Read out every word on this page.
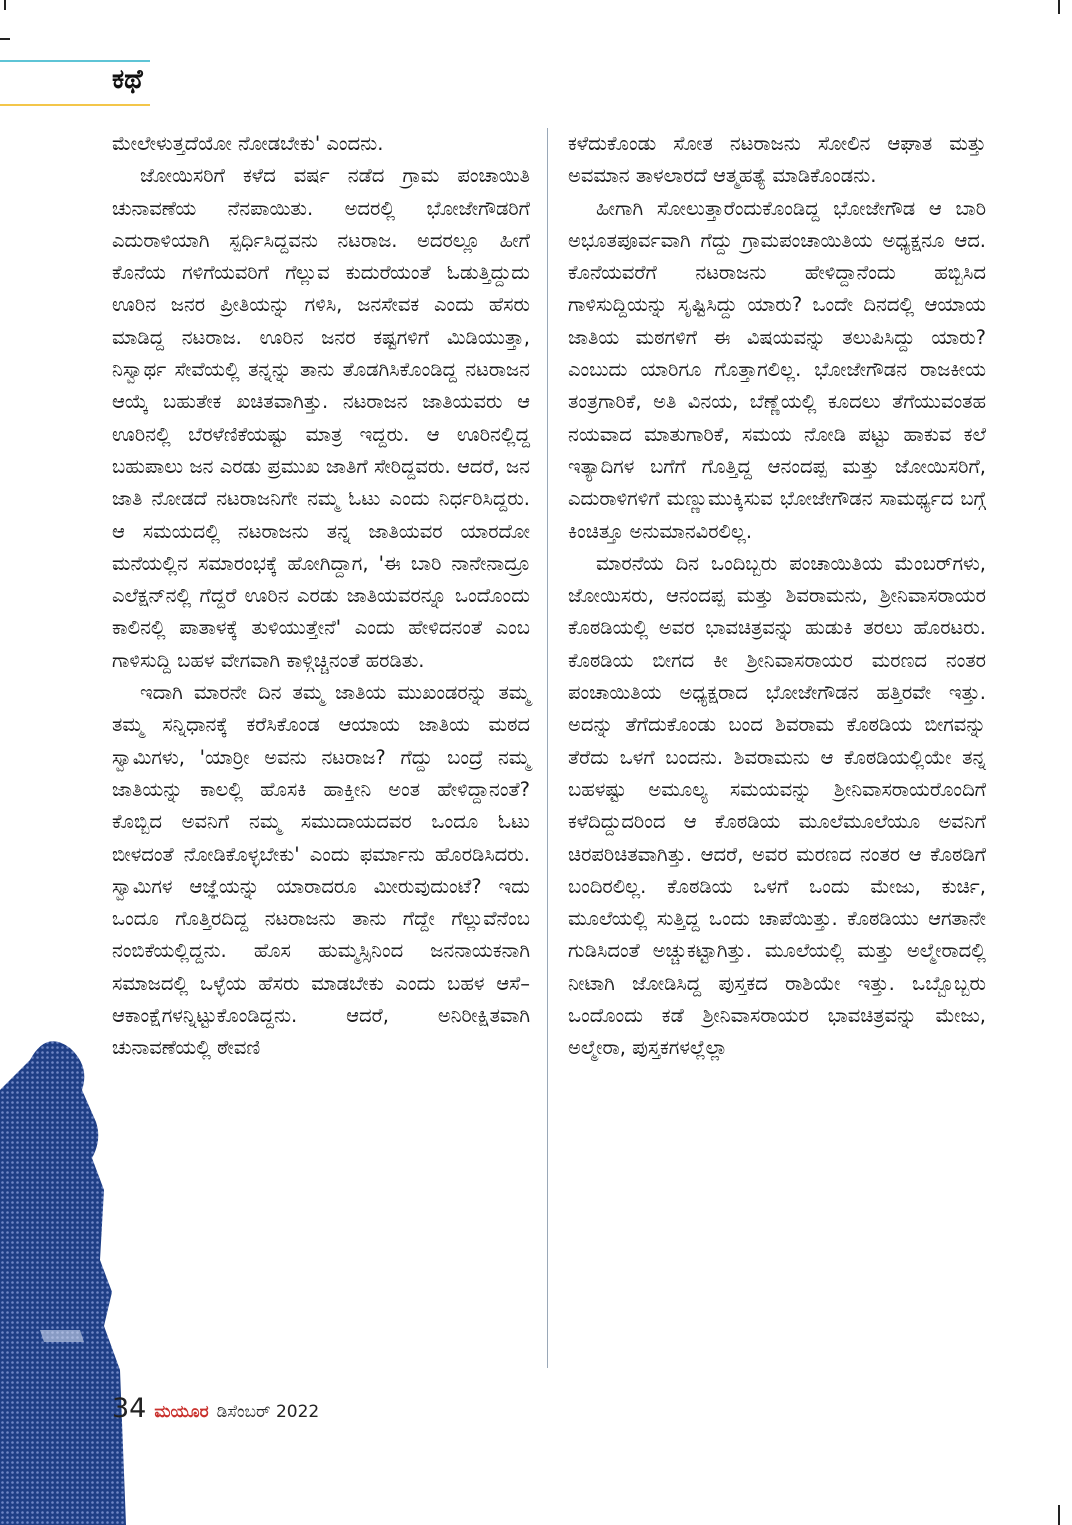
ಕಥೆ

ಮೇಲೇಳುತ್ತದೆಯೋ ನೋಡಬೇಕು' ಎಂದನು.

ಜೋಯಿಸರಿಗೆ ಕಳೆದ ವರ್ಷ ನಡೆದ ಗ್ರಾಮ ಪಂಚಾಯಿತಿ ಚುನಾವಣೆಯ ನೆನಪಾಯಿತು. ಅದರಲ್ಲಿ ಭೋಜೇಗೌಡರಿಗೆ ಎದುರಾಳಿಯಾಗಿ ಸ್ಪರ್ಧಿಸಿದ್ದವನು ನಟರಾಜ. ಅದರಲ್ಲೂ ಹೀಗೆ ಕೊನೆಯ ಗಳಿಗೆಯವರಿಗೆ ಗೆಲ್ಲುವ ಕುದುರೆಯಂತೆ ಓಡುತ್ತಿದ್ದುದು ಊರಿನ ಜನರ ಪ್ರೀತಿಯನ್ನು ಗಳಿಸಿ, ಜನಸೇವಕ ಎಂದು ಹೆಸರು ಮಾಡಿದ್ದ ನಟರಾಜ. ಊರಿನ ಜನರ ಕಷ್ಟಗಳಿಗೆ ಮಿಡಿಯುತ್ತಾ, ನಿಸ್ವಾರ್ಥ ಸೇವೆಯಲ್ಲಿ ತನ್ನನ್ನು ತಾನು ತೊಡಗಿಸಿಕೊಂಡಿದ್ದ ನಟರಾಜನ ಆಯ್ಕೆ ಬಹುತೇಕ ಖಚಿತವಾಗಿತ್ತು. ನಟರಾಜನ ಜಾತಿಯವರು ಆ ಊರಿನಲ್ಲಿ ಬೆರಳೆಣಿಕೆಯಷ್ಟು ಮಾತ್ರ ಇದ್ದರು. ಆ ಊರಿನಲ್ಲಿದ್ದ ಬಹುಪಾಲು ಜನ ಎರಡು ಪ್ರಮುಖ ಜಾತಿಗೆ ಸೇರಿದ್ದವರು. ಆದರೆ, ಜನ ಜಾತಿ ನೋಡದೆ ನಟರಾಜನಿಗೇ ನಮ್ಮ ಓಟು ಎಂದು ನಿರ್ಧರಿಸಿದ್ದರು. ಆ ಸಮಯದಲ್ಲಿ ನಟರಾಜನು ತನ್ನ ಜಾತಿಯವರ ಯಾರದೋ ಮನೆಯಲ್ಲಿನ ಸಮಾರಂಭಕ್ಕೆ ಹೋಗಿದ್ದಾಗ, 'ಈ ಬಾರಿ ನಾನೇನಾದ್ರೂ ಎಲೆಕ್ಷನ್‌ನಲ್ಲಿ ಗೆದ್ದರೆ ಊರಿನ ಎರಡು ಜಾತಿಯವರನ್ನೂ ಒಂದೊಂದು ಕಾಲಿನಲ್ಲಿ ಪಾತಾಳಕ್ಕೆ ತುಳಿಯುತ್ತೇನೆ' ಎಂದು ಹೇಳಿದನಂತೆ ಎಂಬ ಗಾಳಿಸುದ್ದಿ ಬಹಳ ವೇಗವಾಗಿ ಕಾಳ್ಗಿಚ್ಚಿನಂತೆ ಹರಡಿತು.

ಇದಾಗಿ ಮಾರನೇ ದಿನ ತಮ್ಮ ಜಾತಿಯ ಮುಖಂಡರನ್ನು ತಮ್ಮ ತಮ್ಮ ಸನ್ನಿಧಾನಕ್ಕೆ ಕರೆಸಿಕೊಂಡ ಆಯಾಯ ಜಾತಿಯ ಮಠದ ಸ್ವಾಮಿಗಳು, 'ಯಾರ್‍ರೀ ಅವನು ನಟರಾಜ? ಗೆದ್ದು ಬಂದ್ರೆ ನಮ್ಮ ಜಾತಿಯನ್ನು ಕಾಲಲ್ಲಿ ಹೊಸಕಿ ಹಾಕ್ತೀನಿ ಅಂತ ಹೇಳಿದ್ದಾನಂತೆ? ಕೊಬ್ಬಿದ ಅವನಿಗೆ ನಮ್ಮ ಸಮುದಾಯದವರ ಒಂದೂ ಓಟು ಬೀಳದಂತೆ ನೋಡಿಕೊಳ್ಳಬೇಕು' ಎಂದು ಫರ್ಮಾನು ಹೊರಡಿಸಿದರು. ಸ್ವಾಮಿಗಳ ಆಜ್ಞೆಯನ್ನು ಯಾರಾದರೂ ಮೀರುವುದುಂಟೆ? ಇದು ಒಂದೂ ಗೊತ್ತಿರದಿದ್ದ ನಟರಾಜನು ತಾನು ಗೆದ್ದೇ ಗೆಲ್ಲುವೆನೆಂಬ ನಂಬಿಕೆಯಲ್ಲಿದ್ದನು. ಹೊಸ ಹುಮ್ಮಸ್ಸಿನಿಂದ ಜನನಾಯಕನಾಗಿ ಸಮಾಜದಲ್ಲಿ ಒಳ್ಳೆಯ ಹೆಸರು ಮಾಡಬೇಕು ಎಂದು ಬಹಳ ಆಸೆ–ಆಕಾಂಕ್ಷೆಗಳನ್ನಿಟ್ಟುಕೊಂಡಿದ್ದನು. ಆದರೆ, ಅನಿರೀಕ್ಷಿತವಾಗಿ ಚುನಾವಣೆಯಲ್ಲಿ ಠೇವಣಿ

ಕಳೆದುಕೊಂಡು ಸೋತ ನಟರಾಜನು ಸೋಲಿನ ಆಘಾತ ಮತ್ತು ಅವಮಾನ ತಾಳಲಾರದೆ ಆತ್ಮಹತ್ಯೆ ಮಾಡಿಕೊಂಡನು.

ಹೀಗಾಗಿ ಸೋಲುತ್ತಾರೆಂದುಕೊಂಡಿದ್ದ ಭೋಜೇಗೌಡ ಆ ಬಾರಿ ಅಭೂತಪೂರ್ವವಾಗಿ ಗೆದ್ದು ಗ್ರಾಮಪಂಚಾಯಿತಿಯ ಅಧ್ಯಕ್ಷನೂ ಆದ. ಕೊನೆಯವರೆಗೆ ನಟರಾಜನು ಹೇಳಿದ್ದಾನೆಂದು ಹಬ್ಬಿಸಿದ ಗಾಳಿಸುದ್ದಿಯನ್ನು ಸೃಷ್ಟಿಸಿದ್ದು ಯಾರು? ಒಂದೇ ದಿನದಲ್ಲಿ ಆಯಾಯ ಜಾತಿಯ ಮಠಗಳಿಗೆ ಈ ವಿಷಯವನ್ನು ತಲುಪಿಸಿದ್ದು ಯಾರು? ಎಂಬುದು ಯಾರಿಗೂ ಗೊತ್ತಾಗಲಿಲ್ಲ. ಭೋಜೇಗೌಡನ ರಾಜಕೀಯ ತಂತ್ರಗಾರಿಕೆ, ಅತಿ ವಿನಯ, ಬೆಣ್ಣೆಯಲ್ಲಿ ಕೂದಲು ತೆಗೆಯುವಂತಹ ನಯವಾದ ಮಾತುಗಾರಿಕೆ, ಸಮಯ ನೋಡಿ ಪಟ್ಟು ಹಾಕುವ ಕಲೆ ಇತ್ಯಾದಿಗಳ ಬಗೆಗೆ ಗೊತ್ತಿದ್ದ ಆನಂದಪ್ಪ ಮತ್ತು ಜೋಯಿಸರಿಗೆ, ಎದುರಾಳಿಗಳಿಗೆ ಮಣ್ಣುಮುಕ್ಕಿಸುವ ಭೋಜೇಗೌಡನ ಸಾಮರ್ಥ್ಯದ ಬಗ್ಗೆ ಕಿಂಚಿತ್ತೂ ಅನುಮಾನವಿರಲಿಲ್ಲ.

ಮಾರನೆಯ ದಿನ ಒಂದಿಬ್ಬರು ಪಂಚಾಯಿತಿಯ ಮೆಂಬರ್‌ಗಳು, ಜೋಯಿಸರು, ಆನಂದಪ್ಪ ಮತ್ತು ಶಿವರಾಮನು, ಶ್ರೀನಿವಾಸರಾಯರ ಕೊಠಡಿಯಲ್ಲಿ ಅವರ ಭಾವಚಿತ್ರವನ್ನು ಹುಡುಕಿ ತರಲು ಹೊರಟರು. ಕೊಠಡಿಯ ಬೀಗದ ಕೀ ಶ್ರೀನಿವಾಸರಾಯರ ಮರಣದ ನಂತರ ಪಂಚಾಯಿತಿಯ ಅಧ್ಯಕ್ಷರಾದ ಭೋಜೇಗೌಡನ ಹತ್ತಿರವೇ ಇತ್ತು. ಅದನ್ನು ತೆಗೆದುಕೊಂಡು ಬಂದ ಶಿವರಾಮ ಕೊಠಡಿಯ ಬೀಗವನ್ನು ತೆರೆದು ಒಳಗೆ ಬಂದನು. ಶಿವರಾಮನು ಆ ಕೊಠಡಿಯಲ್ಲಿಯೇ ತನ್ನ ಬಹಳಷ್ಟು ಅಮೂಲ್ಯ ಸಮಯವನ್ನು ಶ್ರೀನಿವಾಸರಾಯರೊಂದಿಗೆ ಕಳೆದಿದ್ದುದರಿಂದ ಆ ಕೊಠಡಿಯ ಮೂಲೆಮೂಲೆಯೂ ಅವನಿಗೆ ಚಿರಪರಿಚಿತವಾಗಿತ್ತು. ಆದರೆ, ಅವರ ಮರಣದ ನಂತರ ಆ ಕೊಠಡಿಗೆ ಬಂದಿರಲಿಲ್ಲ. ಕೊಠಡಿಯ ಒಳಗೆ ಒಂದು ಮೇಜು, ಕುರ್ಚಿ, ಮೂಲೆಯಲ್ಲಿ ಸುತ್ತಿದ್ದ ಒಂದು ಚಾಪೆಯಿತ್ತು. ಕೊಠಡಿಯು ಆಗತಾನೇ ಗುಡಿಸಿದಂತೆ ಅಚ್ಚುಕಟ್ಟಾಗಿತ್ತು. ಮೂಲೆಯಲ್ಲಿ ಮತ್ತು ಅಲ್ಮೇರಾದಲ್ಲಿ ನೀಟಾಗಿ ಜೋಡಿಸಿದ್ದ ಪುಸ್ತಕದ ರಾಶಿಯೇ ಇತ್ತು. ಒಬ್ಬೊಬ್ಬರು ಒಂದೊಂದು ಕಡೆ ಶ್ರೀನಿವಾಸರಾಯರ ಭಾವಚಿತ್ರವನ್ನು ಮೇಜು, ಅಲ್ಮೇರಾ, ಪುಸ್ತಕಗಳಲ್ಲೆಲ್ಲಾ

34 ಮಯೂರ ಡಿಸೆಂಬರ್ 2022
